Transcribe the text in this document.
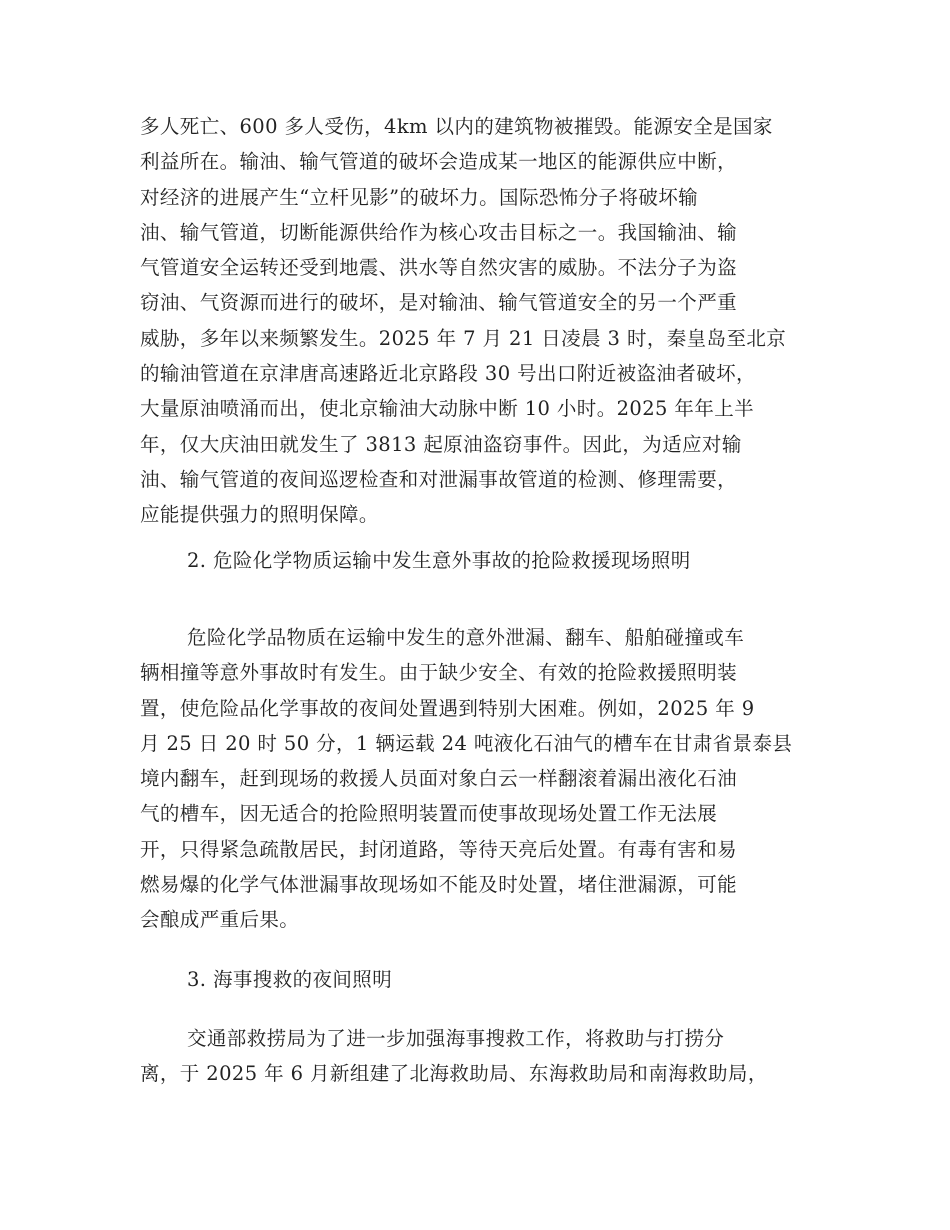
多人死亡、600 多人受伤，4km 以内的建筑物被摧毁。能源安全是国家
利益所在。输油、输气管道的破坏会造成某一地区的能源供应中断，
对经济的进展产生“立杆见影”的破坏力。国际恐怖分子将破坏输
油、输气管道，切断能源供给作为核心攻击目标之一。我国输油、输
气管道安全运转还受到地震、洪水等自然灾害的威胁。不法分子为盗
窃油、气资源而进行的破坏，是对输油、输气管道安全的另一个严重
威胁，多年以来频繁发生。2025 年 7 月 21 日凌晨 3 时，秦皇岛至北京
的输油管道在京津唐高速路近北京路段 30 号出口附近被盗油者破坏，
大量原油喷涌而出，使北京输油大动脉中断 10 小时。2025 年年上半
年，仅大庆油田就发生了 3813 起原油盗窃事件。因此，为适应对输
油、输气管道的夜间巡逻检查和对泄漏事故管道的检测、修理需要，
应能提供强力的照明保障。
2. 危险化学物质运输中发生意外事故的抢险救援现场照明
危险化学品物质在运输中发生的意外泄漏、翻车、船舶碰撞或车
辆相撞等意外事故时有发生。由于缺少安全、有效的抢险救援照明装
置，使危险品化学事故的夜间处置遇到特别大困难。例如，2025 年 9
月 25 日 20 时 50 分，1 辆运载 24 吨液化石油气的槽车在甘肃省景泰县
境内翻车，赶到现场的救援人员面对象白云一样翻滚着漏出液化石油
气的槽车，因无适合的抢险照明装置而使事故现场处置工作无法展
开，只得紧急疏散居民，封闭道路，等待天亮后处置。有毒有害和易
燃易爆的化学气体泄漏事故现场如不能及时处置，堵住泄漏源，可能
会酿成严重后果。
3. 海事搜救的夜间照明
交通部救捞局为了进一步加强海事搜救工作，将救助与打捞分
离，于 2025 年 6 月新组建了北海救助局、东海救助局和南海救助局，
